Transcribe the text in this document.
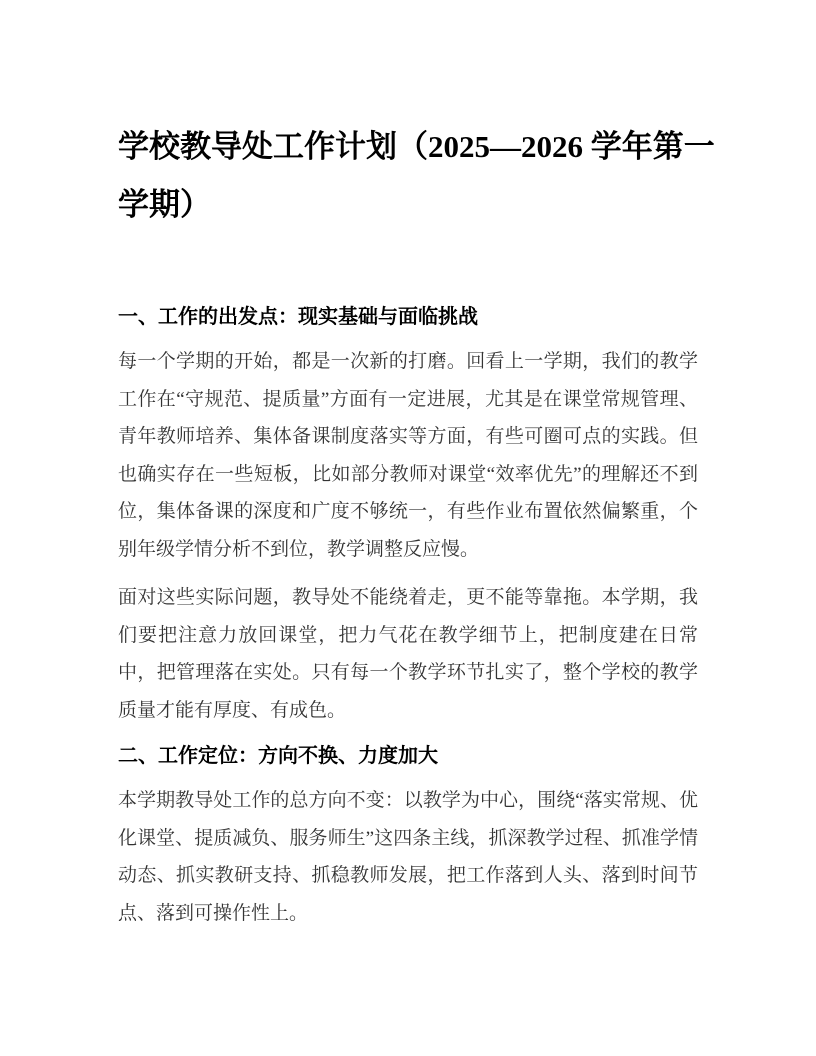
学校教导处工作计划（2025—2026 学年第一学期）
一、工作的出发点：现实基础与面临挑战

每一个学期的开始，都是一次新的打磨。回看上一学期，我们的教学工作在“守规范、提质量”方面有一定进展，尤其是在课堂常规管理、青年教师培养、集体备课制度落实等方面，有些可圈可点的实践。但也确实存在一些短板，比如部分教师对课堂“效率优先”的理解还不到位，集体备课的深度和广度不够统一，有些作业布置依然偏繁重，个别年级学情分析不到位，教学调整反应慢。

面对这些实际问题，教导处不能绕着走，更不能等靠拖。本学期，我们要把注意力放回课堂，把力气花在教学细节上，把制度建在日常中，把管理落在实处。只有每一个教学环节扎实了，整个学校的教学质量才能有厚度、有成色。

二、工作定位：方向不换、力度加大

本学期教导处工作的总方向不变：以教学为中心，围绕“落实常规、优化课堂、提质减负、服务师生”这四条主线，抓深教学过程、抓准学情动态、抓实教研支持、抓稳教师发展，把工作落到人头、落到时间节点、落到可操作性上。
